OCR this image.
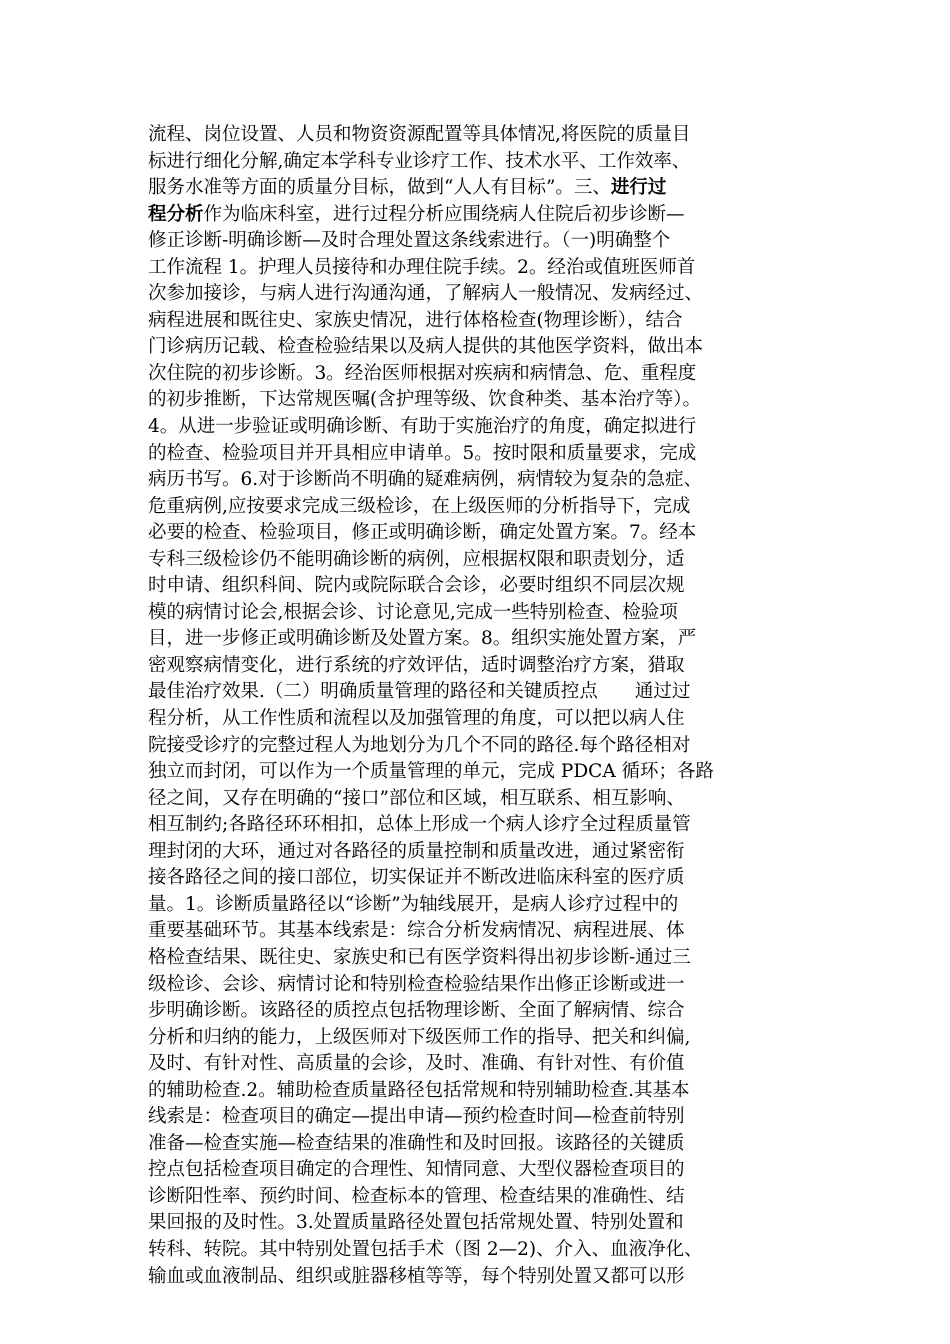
流程、岗位设置、人员和物资资源配置等具体情况,将医院的质量目
标进行细化分解,确定本学科专业诊疗工作、技术水平、工作效率、
服务水准等方面的质量分目标，做到“人人有目标”。三、进行过
程分析作为临床科室，进行过程分析应围绕病人住院后初步诊断—
修正诊断-明确诊断—及时合理处置这条线索进行。（一)明确整个
工作流程 1。护理人员接待和办理住院手续。2。经治或值班医师首
次参加接诊，与病人进行沟通沟通，了解病人一般情况、发病经过、
病程进展和既往史、家族史情况，进行体格检查(物理诊断），结合
门诊病历记载、检查检验结果以及病人提供的其他医学资料，做出本
次住院的初步诊断。3。经治医师根据对疾病和病情急、危、重程度
的初步推断，下达常规医嘱(含护理等级、饮食种类、基本治疗等）。
4。从进一步验证或明确诊断、有助于实施治疗的角度，确定拟进行
的检查、检验项目并开具相应申请单。5。按时限和质量要求，完成
病历书写。6.对于诊断尚不明确的疑难病例，病情较为复杂的急症、
危重病例,应按要求完成三级检诊，在上级医师的分析指导下，完成
必要的检查、检验项目，修正或明确诊断，确定处置方案。7。经本
专科三级检诊仍不能明确诊断的病例，应根据权限和职责划分，适
时申请、组织科间、院内或院际联合会诊，必要时组织不同层次规
模的病情讨论会,根据会诊、讨论意见,完成一些特别检查、检验项
目，进一步修正或明确诊断及处置方案。8。组织实施处置方案，严
密观察病情变化，进行系统的疗效评估，适时调整治疗方案，猎取
最佳治疗效果.（二）明确质量管理的路径和关键质控点　　通过过
程分析，从工作性质和流程以及加强管理的角度，可以把以病人住
院接受诊疗的完整过程人为地划分为几个不同的路径.每个路径相对
独立而封闭，可以作为一个质量管理的单元，完成 PDCA 循环；各路
径之间，又存在明确的“接口”部位和区域，相互联系、相互影响、
相互制约;各路径环环相扣，总体上形成一个病人诊疗全过程质量管
理封闭的大环，通过对各路径的质量控制和质量改进，通过紧密衔
接各路径之间的接口部位，切实保证并不断改进临床科室的医疗质
量。1。诊断质量路径以“诊断”为轴线展开，是病人诊疗过程中的
重要基础环节。其基本线索是：综合分析发病情况、病程进展、体
格检查结果、既往史、家族史和已有医学资料得出初步诊断-通过三
级检诊、会诊、病情讨论和特别检查检验结果作出修正诊断或进一
步明确诊断。该路径的质控点包括物理诊断、全面了解病情、综合
分析和归纳的能力，上级医师对下级医师工作的指导、把关和纠偏,
及时、有针对性、高质量的会诊，及时、准确、有针对性、有价值
的辅助检查.2。辅助检查质量路径包括常规和特别辅助检查.其基本
线索是：检查项目的确定—提出申请—预约检查时间—检查前特别
准备—检查实施—检查结果的准确性和及时回报。该路径的关键质
控点包括检查项目确定的合理性、知情同意、大型仪器检查项目的
诊断阳性率、预约时间、检查标本的管理、检查结果的准确性、结
果回报的及时性。3.处置质量路径处置包括常规处置、特别处置和
转科、转院。其中特别处置包括手术（图 2—2)、介入、血液净化、
输血或血液制品、组织或脏器移植等等，每个特别处置又都可以形
